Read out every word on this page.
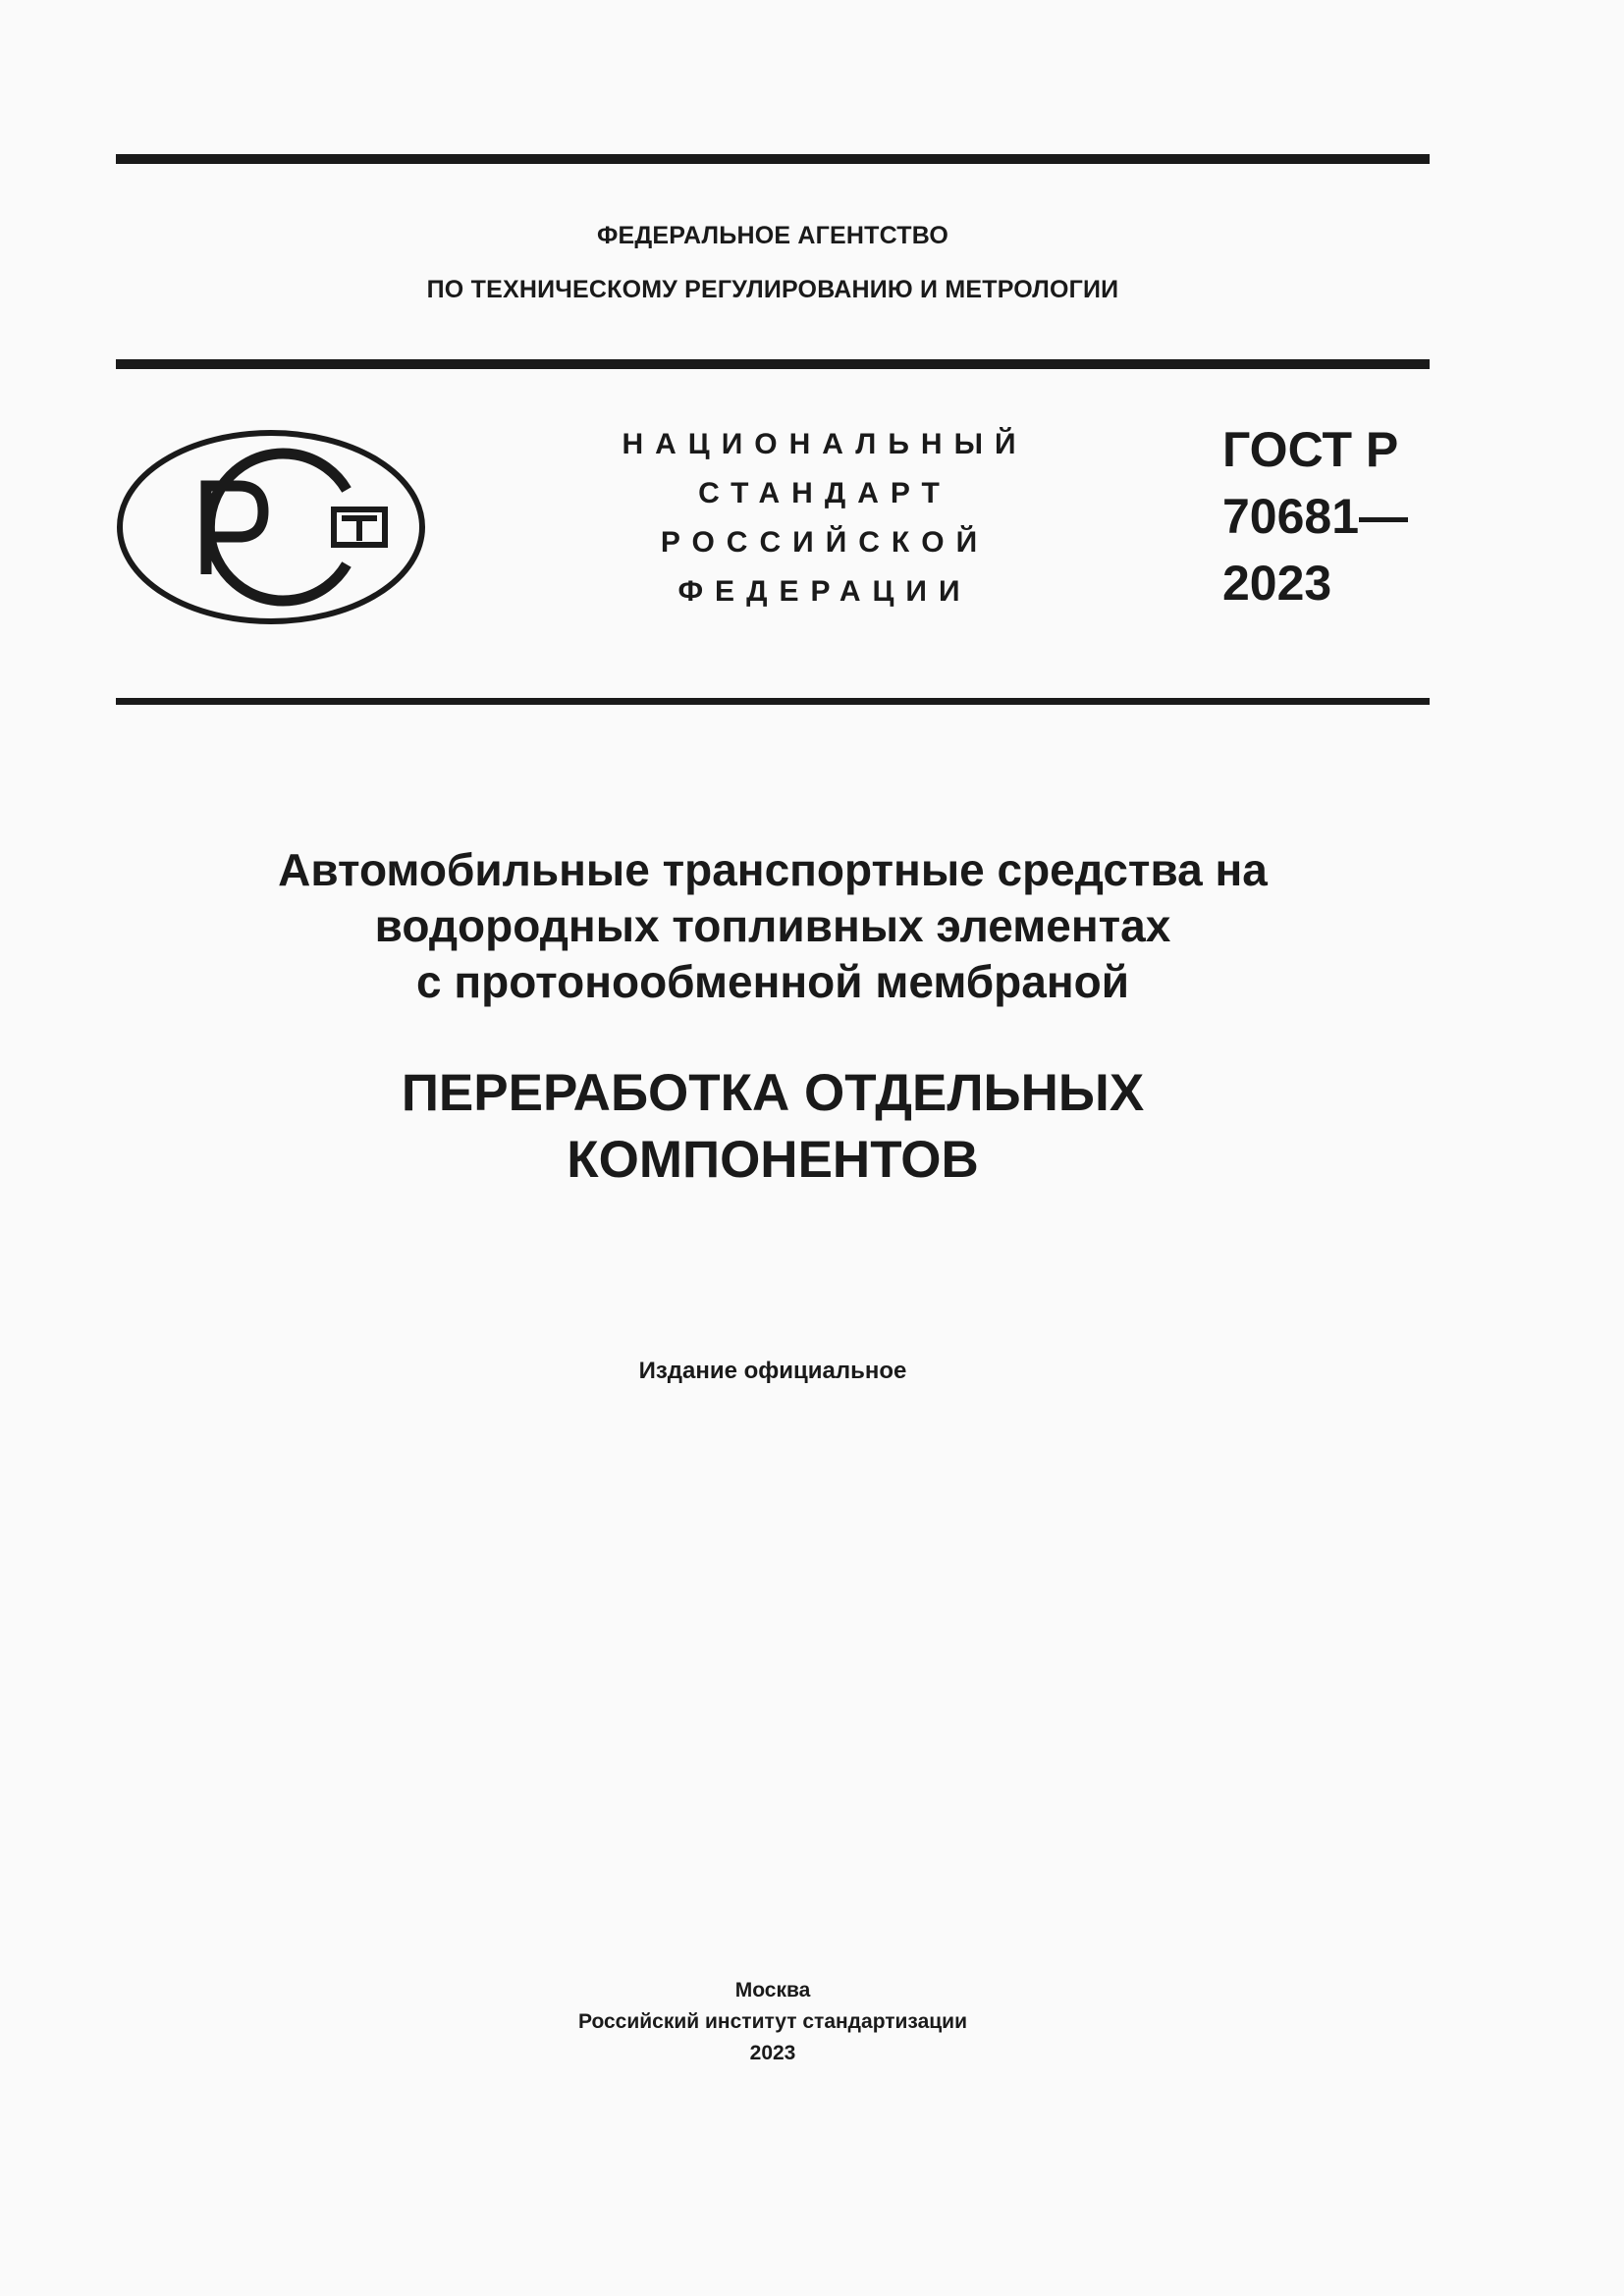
ФЕДЕРАЛЬНОЕ АГЕНТСТВО
ПО ТЕХНИЧЕСКОМУ РЕГУЛИРОВАНИЮ И МЕТРОЛОГИИ
НАЦИОНАЛЬНЫЙ
СТАНДАРТ
РОССИЙСКОЙ
ФЕДЕРАЦИИ
ГОСТ Р
70681—
2023
Автомобильные транспортные средства на
водородных топливных элементах
с протонообменной мембраной
ПЕРЕРАБОТКА ОТДЕЛЬНЫХ
КОМПОНЕНТОВ
Издание официальное
Москва
Российский институт стандартизации
2023
